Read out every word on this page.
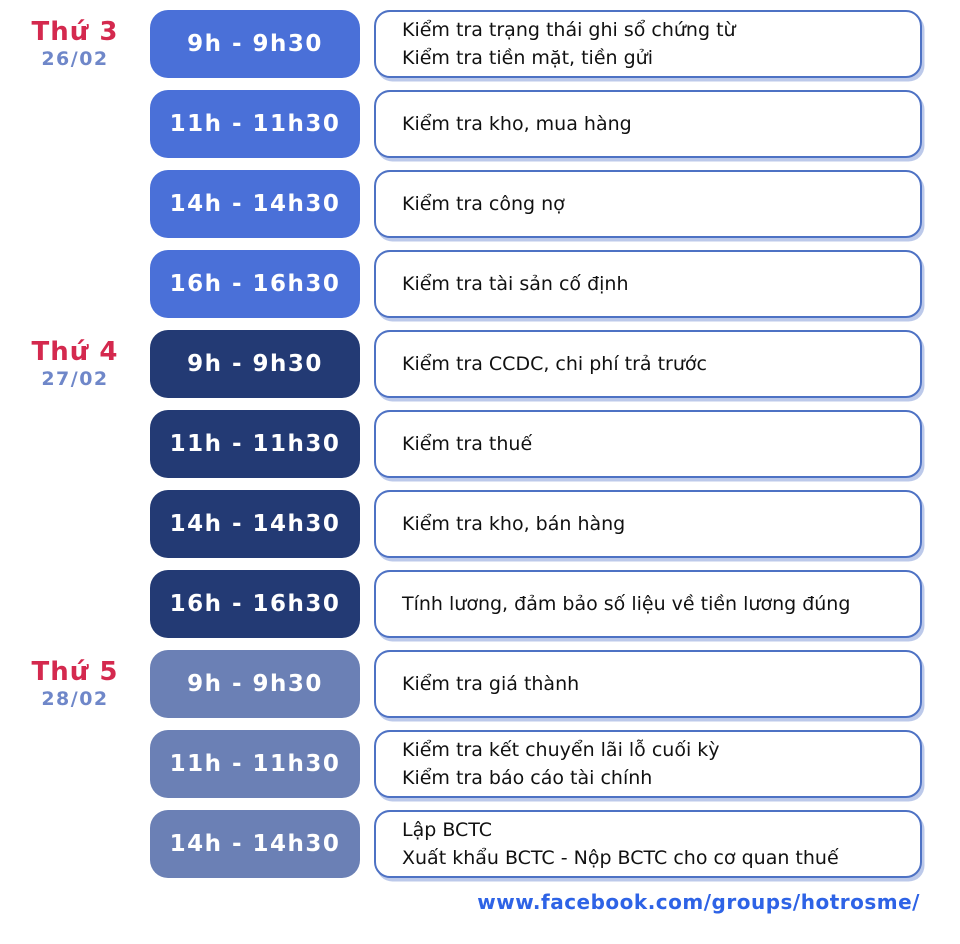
Thứ 3
26/02
9h - 9h30
Kiểm tra trạng thái ghi sổ chứng từ
Kiểm tra tiền mặt, tiền gửi
11h - 11h30	Kiểm tra kho, mua hàng
14h - 14h30	Kiểm tra công nợ
16h - 16h30	Kiểm tra tài sản cố định
Thứ 4
27/02
9h - 9h30	Kiểm tra CCDC, chi phí trả trước
11h - 11h30	Kiểm tra thuế
14h - 14h30	Kiểm tra kho, bán hàng
16h - 16h30	Tính lương, đảm bảo số liệu về tiền lương đúng
Thứ 5
28/02
9h - 9h30	Kiểm tra giá thành
11h - 11h30
Kiểm tra kết chuyển lãi lỗ cuối kỳ
Kiểm tra báo cáo tài chính
14h - 14h30
Lập BCTC
Xuất khẩu BCTC - Nộp BCTC cho cơ quan thuế
www.facebook.com/groups/hotrosme/
